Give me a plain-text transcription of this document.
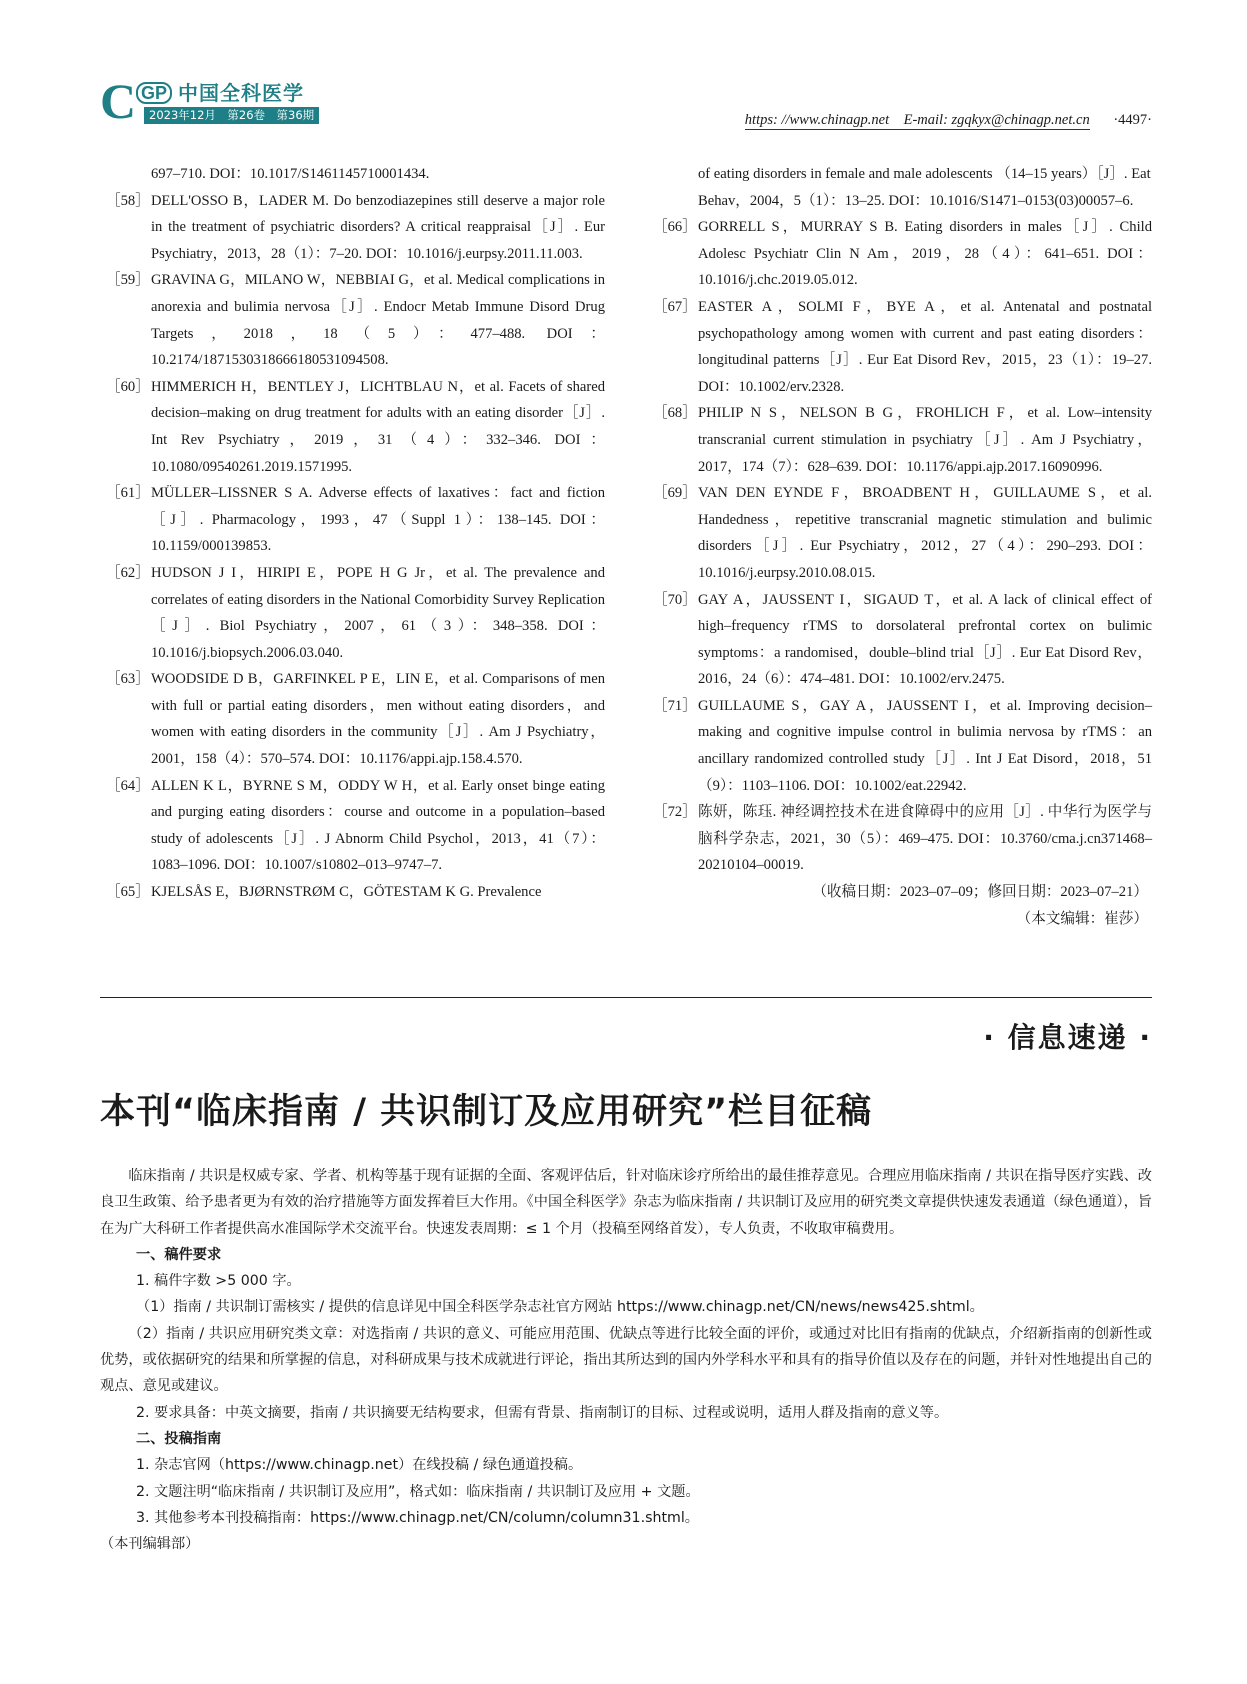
C GP 中国全科医学
2023年12月　第26卷　第36期	https: //www.chinagp.net　E-mail: zgqkyx@chinagp.net.cn ·4497·
697–710. DOI：10.1017/S1461145710001434.
［58］ DELL'OSSO B，LADER M. Do benzodiazepines still deserve a major role in the treatment of psychiatric disorders? A critical reappraisal［J］. Eur Psychiatry，2013，28（1）：7–20. DOI：10.1016/j.eurpsy.2011.11.003.
［59］ GRAVINA G，MILANO W，NEBBIAI G，et al. Medical complications in anorexia and bulimia nervosa［J］. Endocr Metab Immune Disord Drug Targets，2018，18（5）：477–488. DOI：10.2174/1871530318666180531094508.
［60］ HIMMERICH H，BENTLEY J，LICHTBLAU N，et al. Facets of shared decision–making on drug treatment for adults with an eating disorder［J］. Int Rev Psychiatry，2019，31（4）：332–346. DOI：10.1080/09540261.2019.1571995.
［61］ MÜLLER–LISSNER S A. Adverse effects of laxatives：fact and fiction［J］. Pharmacology，1993，47（Suppl 1）：138–145. DOI：10.1159/000139853.
［62］ HUDSON J I，HIRIPI E，POPE H G Jr，et al. The prevalence and correlates of eating disorders in the National Comorbidity Survey Replication［J］. Biol Psychiatry，2007，61（3）：348–358. DOI：10.1016/j.biopsych.2006.03.040.
［63］ WOODSIDE D B，GARFINKEL P E，LIN E，et al. Comparisons of men with full or partial eating disorders，men without eating disorders，and women with eating disorders in the community［J］. Am J Psychiatry，2001，158（4）：570–574. DOI：10.1176/appi.ajp.158.4.570.
［64］ ALLEN K L，BYRNE S M，ODDY W H，et al. Early onset binge eating and purging eating disorders：course and outcome in a population–based study of adolescents［J］. J Abnorm Child Psychol，2013，41（7）：1083–1096. DOI：10.1007/s10802–013–9747–7.
［65］ KJELSÅS E，BJØRNSTRØM C，GÖTESTAM K G. Prevalence
of eating disorders in female and male adolescents （14–15 years）［J］. Eat Behav，2004，5（1）：13–25. DOI：10.1016/S1471–0153(03)00057–6.
［66］ GORRELL S，MURRAY S B. Eating disorders in males［J］. Child Adolesc Psychiatr Clin N Am，2019，28（4）：641–651. DOI：10.1016/j.chc.2019.05.012.
［67］ EASTER A，SOLMI F，BYE A，et al. Antenatal and postnatal psychopathology among women with current and past eating disorders：longitudinal patterns［J］. Eur Eat Disord Rev，2015，23（1）：19–27. DOI：10.1002/erv.2328.
［68］ PHILIP N S，NELSON B G，FROHLICH F，et al. Low–intensity transcranial current stimulation in psychiatry［J］. Am J Psychiatry，2017，174（7）：628–639. DOI：10.1176/appi.ajp.2017.16090996.
［69］ VAN DEN EYNDE F，BROADBENT H，GUILLAUME S，et al. Handedness，repetitive transcranial magnetic stimulation and bulimic disorders［J］. Eur Psychiatry，2012，27（4）：290–293. DOI：10.1016/j.eurpsy.2010.08.015.
［70］ GAY A，JAUSSENT I，SIGAUD T，et al. A lack of clinical effect of high–frequency rTMS to dorsolateral prefrontal cortex on bulimic symptoms：a randomised，double–blind trial［J］. Eur Eat Disord Rev，2016，24（6）：474–481. DOI：10.1002/erv.2475.
［71］ GUILLAUME S，GAY A，JAUSSENT I，et al. Improving decision–making and cognitive impulse control in bulimia nervosa by rTMS：an ancillary randomized controlled study［J］. Int J Eat Disord，2018，51（9）：1103–1106. DOI：10.1002/eat.22942.
［72］ 陈妍，陈珏. 神经调控技术在进食障碍中的应用［J］. 中华行为医学与脑科学杂志，2021，30（5）：469–475. DOI：10.3760/cma.j.cn371468–20210104–00019.
（收稿日期：2023–07–09；修回日期：2023–07–21）
（本文编辑：崔莎）
· 信息速递 ·
本刊“临床指南 / 共识制订及应用研究”栏目征稿

临床指南 / 共识是权威专家、学者、机构等基于现有证据的全面、客观评估后，针对临床诊疗所给出的最佳推荐意见。合理应用临床指南 / 共识在指导医疗实践、改良卫生政策、给予患者更为有效的治疗措施等方面发挥着巨大作用。《中国全科医学》杂志为临床指南 / 共识制订及应用的研究类文章提供快速发表通道（绿色通道），旨在为广大科研工作者提供高水准国际学术交流平台。快速发表周期：≤ 1 个月（投稿至网络首发），专人负责，不收取审稿费用。

一、稿件要求

1. 稿件字数 >5 000 字。

（1）指南 / 共识制订需核实 / 提供的信息详见中国全科医学杂志社官方网站 https://www.chinagp.net/CN/news/news425.shtml。

（2）指南 / 共识应用研究类文章：对选指南 / 共识的意义、可能应用范围、优缺点等进行比较全面的评价，或通过对比旧有指南的优缺点，介绍新指南的创新性或优势，或依据研究的结果和所掌握的信息，对科研成果与技术成就进行评论，指出其所达到的国内外学科水平和具有的指导价值以及存在的问题，并针对性地提出自己的观点、意见或建议。

2. 要求具备：中英文摘要，指南 / 共识摘要无结构要求，但需有背景、指南制订的目标、过程或说明，适用人群及指南的意义等。

二、投稿指南

1. 杂志官网（https://www.chinagp.net）在线投稿 / 绿色通道投稿。

2. 文题注明“临床指南 / 共识制订及应用”，格式如：临床指南 / 共识制订及应用 + 文题。

3. 其他参考本刊投稿指南：https://www.chinagp.net/CN/column/column31.shtml。

（本刊编辑部）
